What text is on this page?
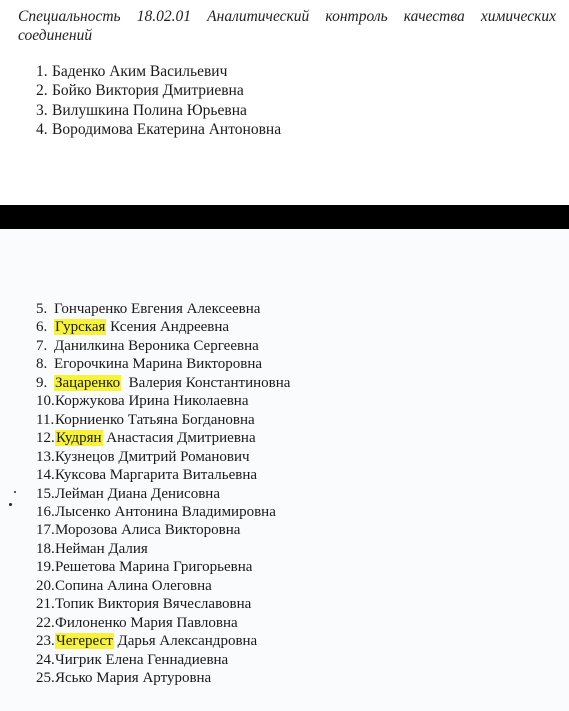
Специальность 18.02.01 Аналитический контроль качества химических соединений
1. Баденко Аким Васильевич
2. Бойко Виктория Дмитриевна
3. Вилушкина Полина Юрьевна
4. Вородимова Екатерина Антоновна
5. Гончаренко Евгения Алексеевна
6. Гурская Ксения Андреевна
7. Данилкина Вероника Сергеевна
8. Егорочкина Марина Викторовна
9. Зацаренко  Валерия Константиновна
10.Коржукова Ирина Николаевна
11.Корниенко Татьяна Богдановна
12.Кудрян Анастасия Дмитриевна
13.Кузнецов Дмитрий Романович
14.Куксова Маргарита Витальевна
15.Лейман Диана Денисовна
16.Лысенко Антонина Владимировна
17.Морозова Алиса Викторовна
18.Нейман Далия
19.Решетова Марина Григорьевна
20.Сопина Алина Олеговна
21.Топик Виктория Вячеславовна
22.Филоненко Мария Павловна
23.Чегерест Дарья Александровна
24.Чигрик Елена Геннадиевна
25.Ясько Мария Артуровна
